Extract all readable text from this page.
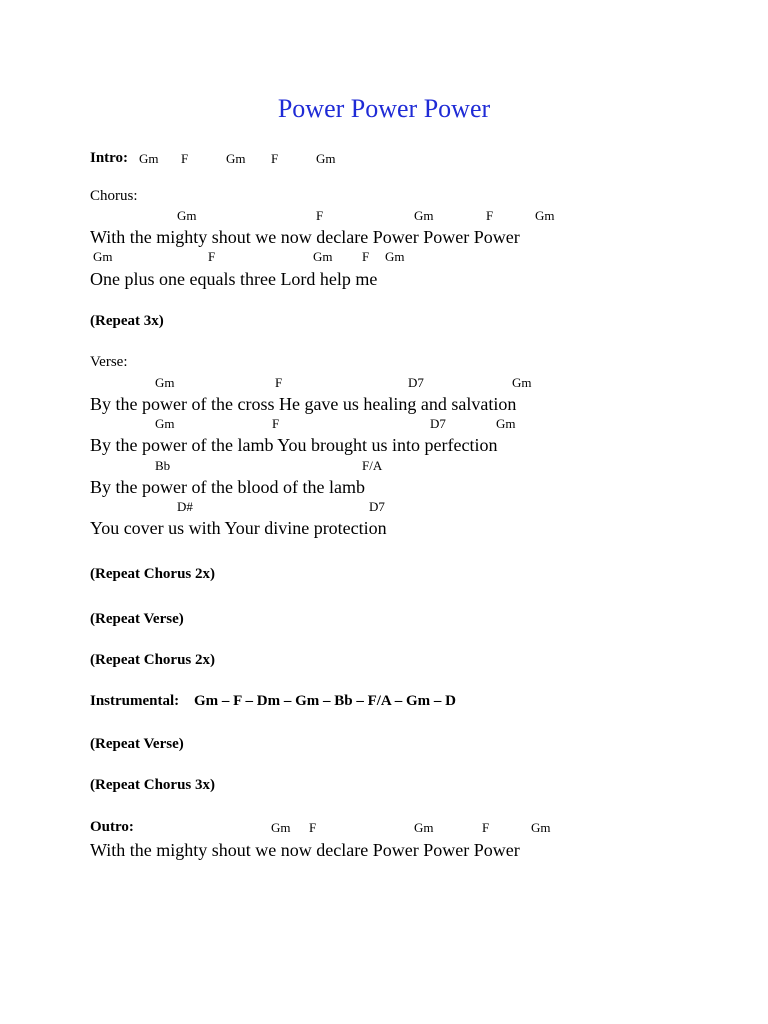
Power Power Power
Intro: Gm F	Gm F	Gm
Chorus:
Gm	F	Gm	F	Gm
With the mighty shout we now declare Power Power Power
Gm	F	Gm F Gm
One plus one equals three Lord help me
(Repeat 3x)
Verse:
Gm	F	D7	Gm
By the power of the cross He gave us healing and salvation
Gm	F	D7	Gm
By the power of the lamb You brought us into perfection
Bb	F/A
By the power of the blood of the lamb
D#	D7
You cover us with Your divine protection
(Repeat Chorus 2x)
(Repeat Verse)
(Repeat Chorus 2x)
Instrumental: Gm – F – Dm – Gm – Bb – F/A – Gm – D
(Repeat Verse)
(Repeat Chorus 3x)
Outro:	Gm F	Gm	F	Gm
With the mighty shout we now declare Power Power Power
